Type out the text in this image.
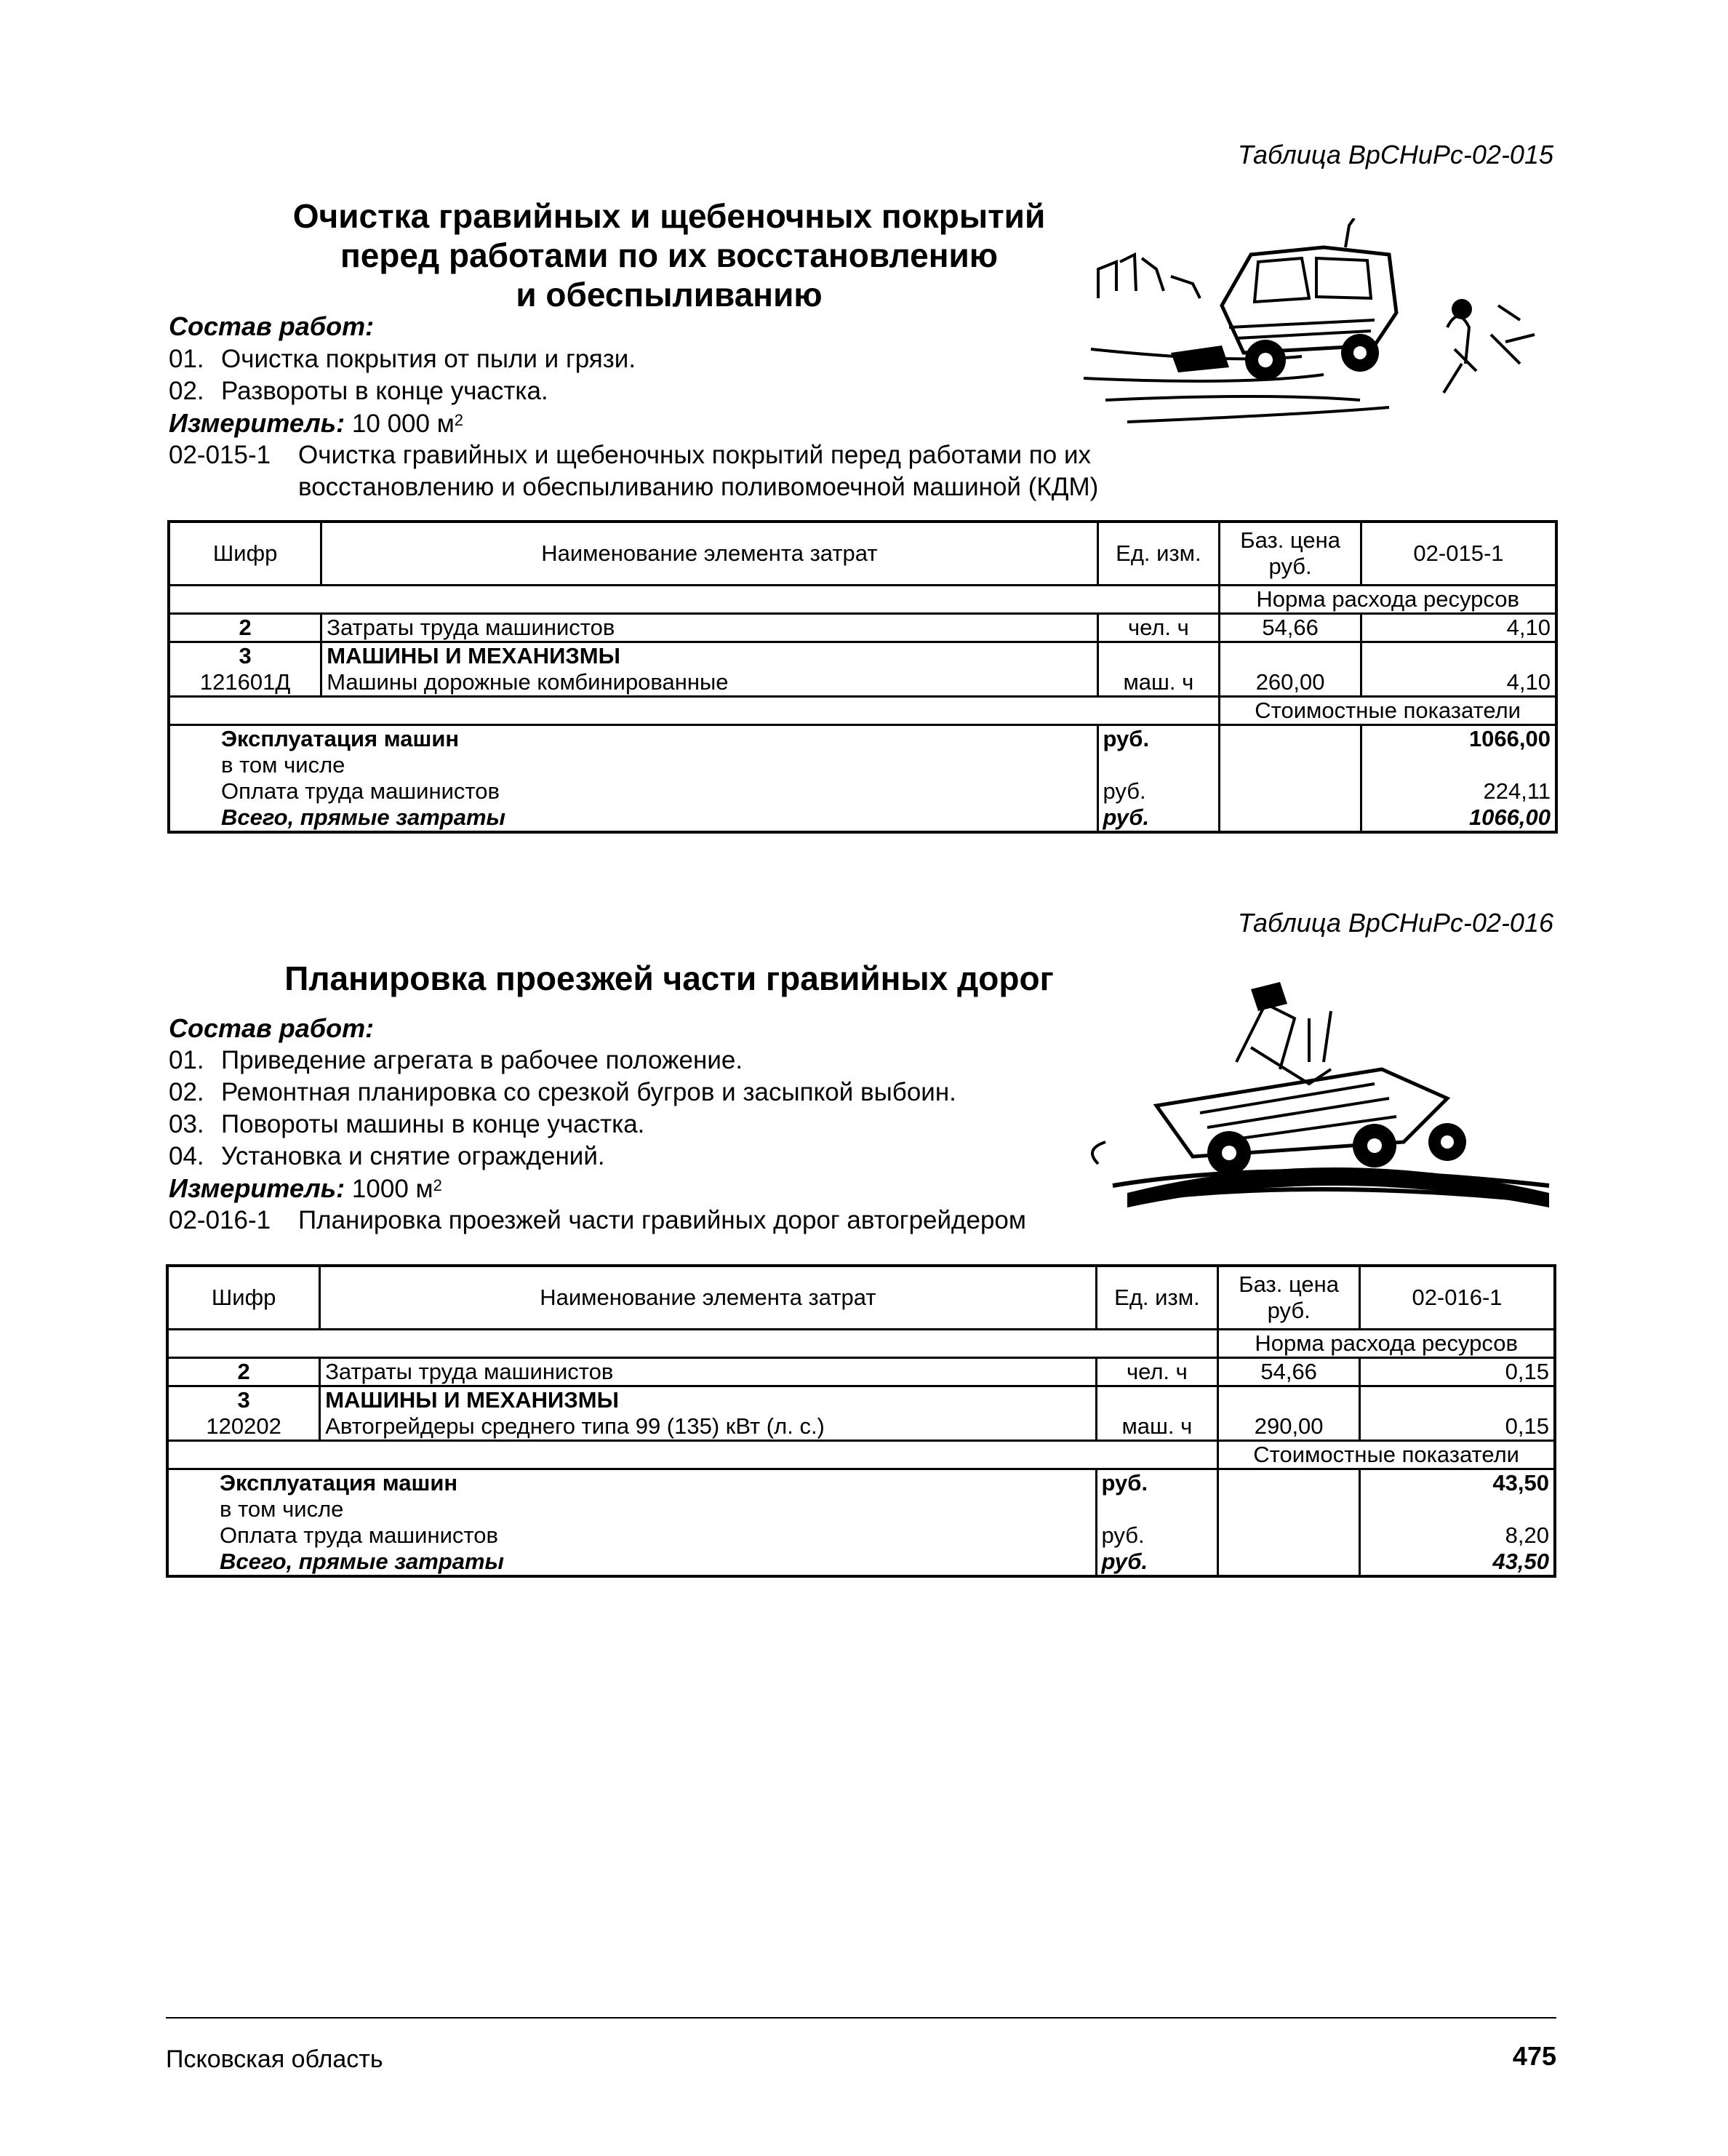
Таблица ВрСНиРс-02-015
Очистка гравийных и щебеночных покрытий
перед работами по их восстановлению
и обеспыливанию
Состав работ:
01. Очистка покрытия от пыли и грязи.
02. Развороты в конце участка.
Измеритель: 10 000 $м^2$
02-015-1 Очистка гравийных и щебеночных покрытий перед работами по их
восстановлению и обеспыливанию поливомоечной машиной (КДМ)
Шифр	Наименование элемента затрат	Ед. изм.	Баз. цена руб.	02-015-1
			Норма расхода ресурсов	
2	Затраты труда машинистов	чел. ч	54,66	4,10
3	МАШИНЫ И МЕХАНИЗМЫ			
121601Д	Машины дорожные комбинированные	маш. ч	260,00	4,10
			Стоимостные показатели	
Эксплуатация машин		руб.		1066,00
в том числе				
Оплата труда машинистов		руб.		224,11
Всего, прямые затраты		руб.		1066,00
Таблица ВрСНиРс-02-016
Планировка проезжей части гравийных дорог
Состав работ:
01. Приведение агрегата в рабочее положение.
02. Ремонтная планировка со срезкой бугров и засыпкой выбоин.
03. Повороты машины в конце участка.
04. Установка и снятие ограждений.
Измеритель: 1000 $м^2$
02-016-1 Планировка проезжей части гравийных дорог автогрейдером
Шифр	Наименование элемента затрат	Ед. изм.	Баз. цена руб.	02-016-1
			Норма расхода ресурсов	
2	Затраты труда машинистов	чел. ч	54,66	0,15
3	МАШИНЫ И МЕХАНИЗМЫ			
120202	Автогрейдеры среднего типа 99 (135) кВт (л. с.)	маш. ч	290,00	0,15
			Стоимостные показатели	
Эксплуатация машин		руб.		43,50
в том числе				
Оплата труда машинистов		руб.		8,20
Всего, прямые затраты		руб.		43,50
Псковская область	475
